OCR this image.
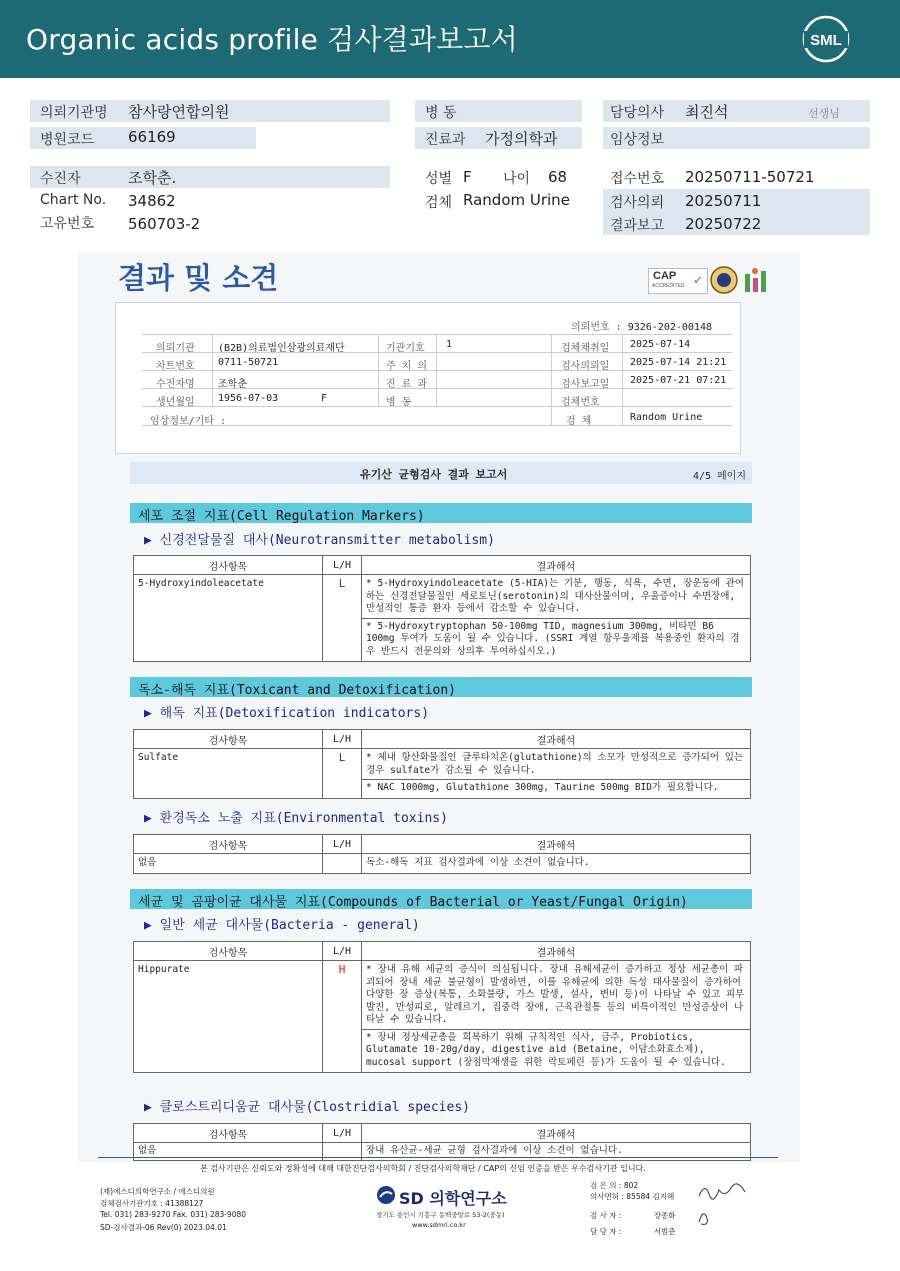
Organic acids profile 검사결과보고서	SML
의뢰기관명 참사랑연합의원
병원코드 66169
병 동
진료과 가정의학과
담당의사 최진석	선생님
임상정보
수진자	조학춘.
Chart No. 34862
고유번호 560703-2
성별 F 나이 68
검체 Random Urine
접수번호 20250711-50721
검사의뢰 20250711
결과보고 20250722
결과 및 소견	CAP
ACCREDITED ✓
의뢰번호 : 9326-202-00148
의뢰기관 (B2B)의료법인삼광의료재단	기관기호 1	검체채취일 2025-07-14
차트번호 0711-50721	주 치 의	검사의뢰일 2025-07-14 21:21
수진자명 조학춘	진 료 과	검사보고일 2025-07-21 07:21
생년월일 1956-07-03	F	병 동	검체번호
임상정보/기타 :	검 체	Random Urine
유기산 균형검사 결과 보고서	4/5 페이지
세포 조절 지표(Cell Regulation Markers)
▶ 신경전달물질 대사(Neurotransmitter metabolism)
검사항목	L/H	결과해석
5-Hydroxyindoleacetate	L	* 5-Hydroxyindoleacetate (5-HIA)는 기분, 행동, 식욕, 수면, 장운동에 관여하는 신경전달물질인 세로토닌(serotonin)의 대사산물이며, 우울증이나 수면장애, 만성적인 통증 환자 등에서 감소할 수 있습니다.

* 5-Hydroxytryptophan 50-100mg TID, magnesium 300mg, 비타민 B6 100mg 투여가 도움이 될 수 있습니다. (SSRI 계열 항우울제를 복용중인 환자의 경우 반드시 전문의와 상의후 투여하십시오.)

독소-해독 지표(Toxicant and Detoxification)
▶ 해독 지표(Detoxification indicators)
검사항목	L/H	결과해석
Sulfate	L	* 체내 항산화물질인 글루타치온(glutathione)의 소모가 만성적으로 증가되어 있는 경우 sulfate가 감소될 수 있습니다.

* NAC 1000mg, Glutathione 300mg, Taurine 500mg BID가 필요합니다.

▶ 환경독소 노출 지표(Environmental toxins)
검사항목	L/H	결과해석
없음		독소-해독 지표 검사결과에 이상 소견이 없습니다.
세균 및 곰팡이균 대사물 지표(Compounds of Bacterial or Yeast/Fungal Origin)
▶ 일반 세균 대사물(Bacteria - general)
검사항목	L/H	결과해석
Hippurate	H	* 장내 유해 세균의 증식이 의심됩니다. 장내 유해세균이 증가하고 정상 세균총이 파괴되어 장내 세균 불균형이 발생하면, 이를 유해균에 의한 독성 대사물질이 증가하여 다양한 장 증상(복통, 소화불량, 가스 발생, 설사, 변비 등)이 나타날 수 있고 피부발진, 만성피로, 알레르기, 집중력 장애, 근육관절통 등의 비특이적인 만성증상이 나타날 수 있습니다.

* 장내 정상세균총을 회복하기 위해 규칙적인 식사, 금주, Probiotics, Glutamate 10-20g/day, digestive aid (Betaine, 이담소화효소제), mucosal support (장점막재생을 위한 락토페린 등)가 도움이 될 수 있습니다.

▶ 클로스트리디움균 대사물(Clostridial species)
검사항목	L/H	결과해석
없음		장내 유산균-세균 균형 검사결과에 이상 소견이 없습니다.
본 검사기관은 신뢰도와 정확성에 대해 대한진단검사의학회 / 진단검사의학재단 / CAP의 신임 인증을 받은 우수검사기관 입니다.
(재)에스디의학연구소 / 에스디의원
검체검사기관기호 : 41388127
Tel. 031) 283-9270 Fax. 031) 283-9080
SD-검사결과-06 Rev(0) 2023.04.01
SD 의학연구소
경기도 용인시 기흥구 동백중앙로 53-2(중동)
www.sdmri.co.kr
검 은 의 : 802
의사면허 : 85584 김지혜
검 사 자 :	장종화
담 당 자 :	서범준
